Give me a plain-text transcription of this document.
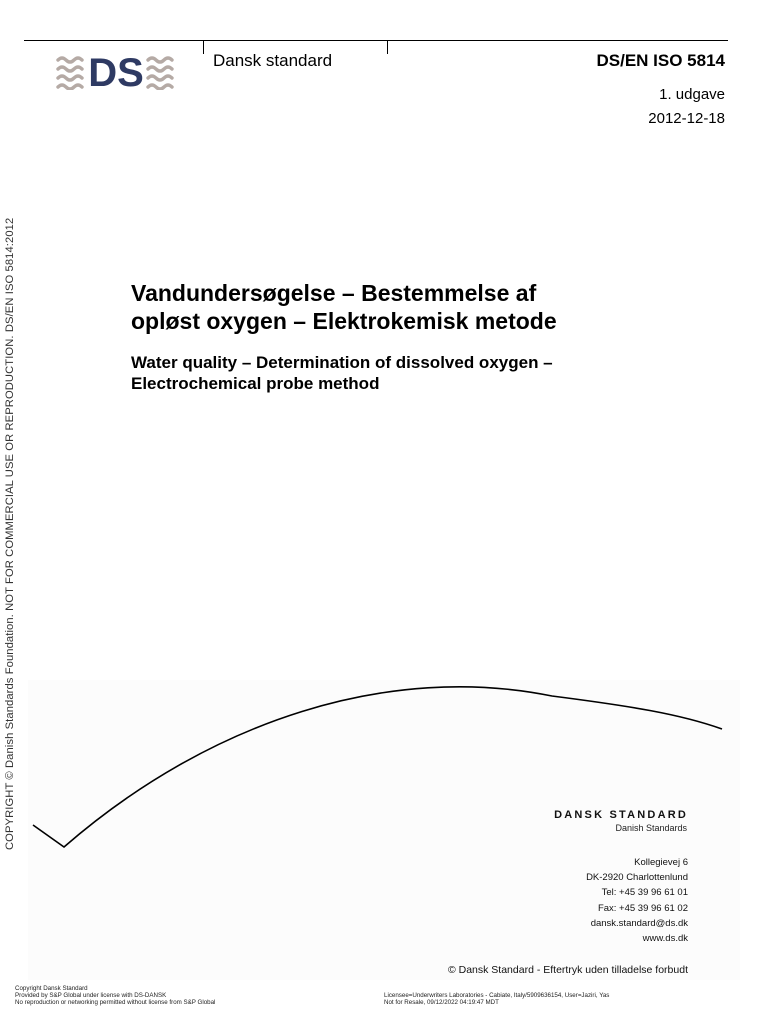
DS	Dansk standard	DS/EN ISO 5814
1. udgave
2012-12-18
COPYRIGHT © Danish Standards Foundation. NOT FOR COMMERCIAL USE OR REPRODUCTION. DS/EN ISO 5814:2012	Vandundersøgelse – Bestemmelse af
opløst oxygen – Elektrokemisk metode
Water quality – Determination of dissolved oxygen –
Electrochemical probe method
DANSK STANDARD
Danish Standards
Kollegievej 6
DK-2920 Charlottenlund
Tel: +45 39 96 61 01
Fax: +45 39 96 61 02
dansk.standard@ds.dk
www.ds.dk
© Dansk Standard - Eftertryk uden tilladelse forbudt
Copyright Dansk Standard
Provided by S&P Global under license with DS-DANSK
No reproduction or networking permitted without license from S&P Global
Licensee=Underwriters Laboratories - Cabiate, Italy/5909636154, User=Jaziri, Yas
Not for Resale, 09/12/2022 04:19:47 MDT
